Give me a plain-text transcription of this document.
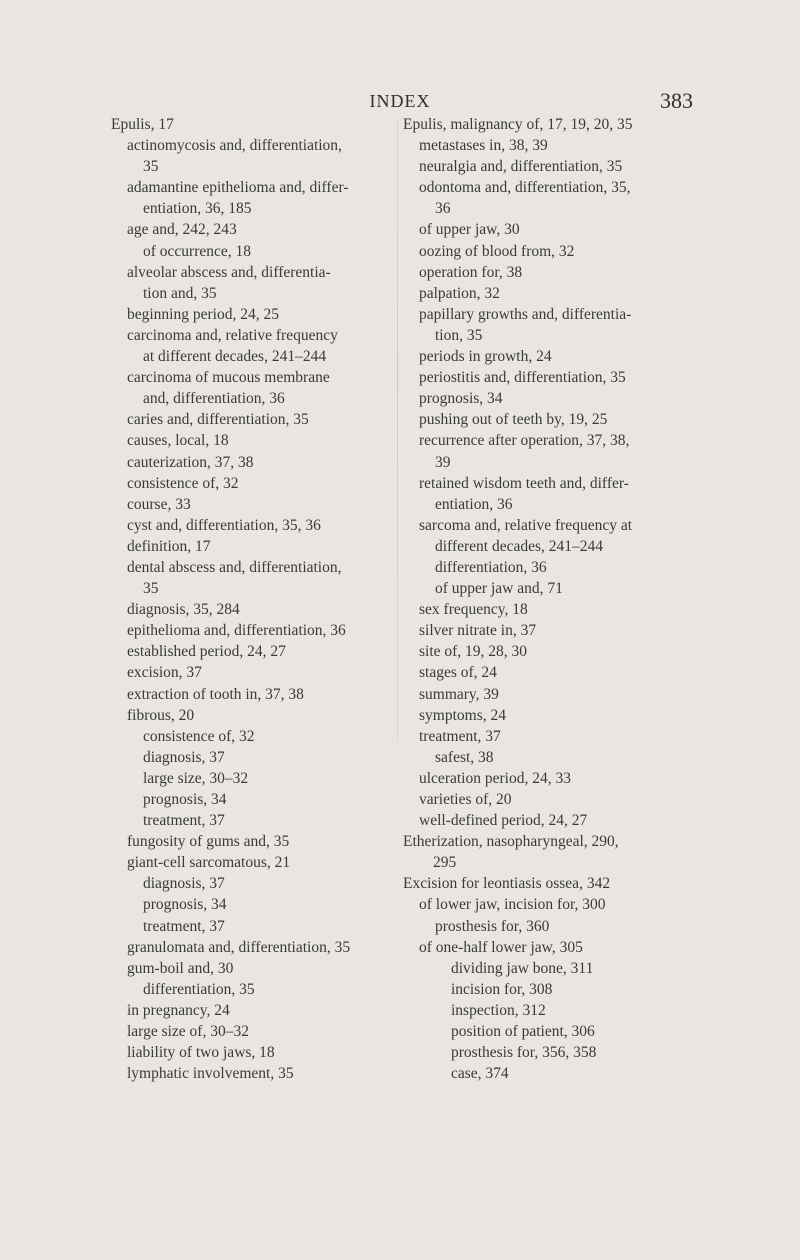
INDEX	383
Epulis, 17
actinomycosis and, differentiation,
35
adamantine epithelioma and, differ-
entiation, 36, 185
age and, 242, 243
of occurrence, 18
alveolar abscess and, differentia-
tion and, 35
beginning period, 24, 25
carcinoma and, relative frequency
at different decades, 241–244
carcinoma of mucous membrane
and, differentiation, 36
caries and, differentiation, 35
causes, local, 18
cauterization, 37, 38
consistence of, 32
course, 33
cyst and, differentiation, 35, 36
definition, 17
dental abscess and, differentiation,
35
diagnosis, 35, 284
epithelioma and, differentiation, 36
established period, 24, 27
excision, 37
extraction of tooth in, 37, 38
fibrous, 20
consistence of, 32
diagnosis, 37
large size, 30–32
prognosis, 34
treatment, 37
fungosity of gums and, 35
giant-cell sarcomatous, 21
diagnosis, 37
prognosis, 34
treatment, 37
granulomata and, differentiation, 35
gum-boil and, 30
differentiation, 35
in pregnancy, 24
large size of, 30–32
liability of two jaws, 18
lymphatic involvement, 35
Epulis, malignancy of, 17, 19, 20, 35
metastases in, 38, 39
neuralgia and, differentiation, 35
odontoma and, differentiation, 35,
36
of upper jaw, 30
oozing of blood from, 32
operation for, 38
palpation, 32
papillary growths and, differentia-
tion, 35
periods in growth, 24
periostitis and, differentiation, 35
prognosis, 34
pushing out of teeth by, 19, 25
recurrence after operation, 37, 38,
39
retained wisdom teeth and, differ-
entiation, 36
sarcoma and, relative frequency at
different decades, 241–244
differentiation, 36
of upper jaw and, 71
sex frequency, 18
silver nitrate in, 37
site of, 19, 28, 30
stages of, 24
summary, 39
symptoms, 24
treatment, 37
safest, 38
ulceration period, 24, 33
varieties of, 20
well-defined period, 24, 27
Etherization, nasopharyngeal, 290,
295
Excision for leontiasis ossea, 342
of lower jaw, incision for, 300
prosthesis for, 360
of one-half lower jaw, 305
dividing jaw bone, 311
incision for, 308
inspection, 312
position of patient, 306
prosthesis for, 356, 358
case, 374
